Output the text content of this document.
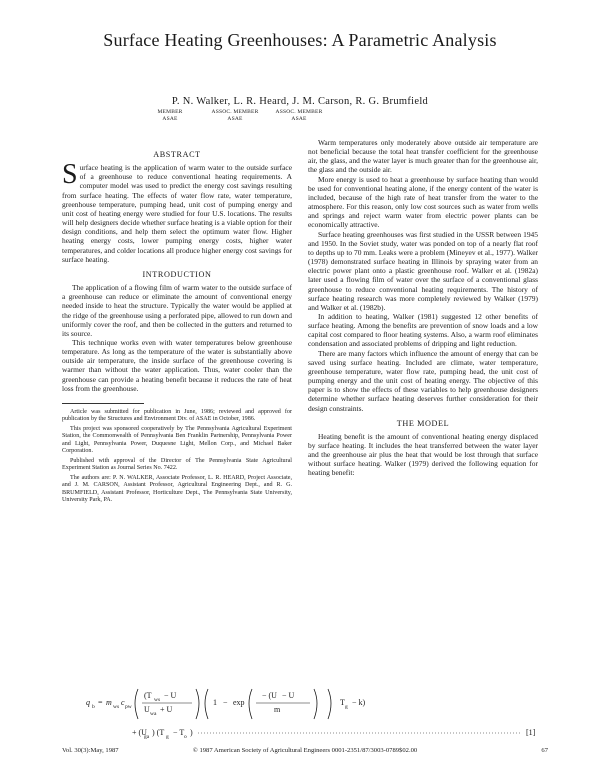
Surface Heating Greenhouses: A Parametric Analysis
P. N. Walker, L. R. Heard, J. M. Carson, R. G. Brumfield
MEMBER
ASAE
ASSOC. MEMBER
ASAE
ASSOC. MEMBER
ASAE
ABSTRACT

Surface heating is the application of warm water to the outside surface of a greenhouse to reduce conventional heating requirements. A computer model was used to predict the energy cost savings resulting from surface heating. The effects of water flow rate, water temperature, greenhouse temperature, pumping head, unit cost of pumping energy and unit cost of heating energy were studied for four U.S. locations. The results will help designers decide whether surface heating is a viable option for their design conditions, and help them select the optimum water flow. Higher heating energy costs, lower pumping energy costs, higher water temperatures, and colder locations all produce higher energy cost savings for surface heating.

INTRODUCTION

The application of a flowing film of warm water to the outside surface of a greenhouse can reduce or eliminate the amount of conventional energy needed inside to heat the structure. Typically the water would be applied at the ridge of the greenhouse using a perforated pipe, allowed to run down and uniformly cover the roof, and then be collected in the gutters and returned to its source.

This technique works even with water temperatures below greenhouse temperature. As long as the temperature of the water is substantially above outside air temperature, the inside surface of the greenhouse covering is warmer than without the water application. Thus, water cooler than the greenhouse can provide a heating benefit because it reduces the rate of heat loss from the greenhouse.

Article was submitted for publication in June, 1986; reviewed and approved for publication by the Structures and Environment Div. of ASAE in October, 1986.

This project was sponsored cooperatively by The Pennsylvania Agricultural Experiment Station, the Commonwealth of Pennsylvania Ben Franklin Partnership, Pennsylvania Power and Light, Pennsylvania Power, Duquesne Light, Mellon Corp., and Michael Baker Corporation.

Published with approval of the Director of The Pennsylvania State Agricultural Experiment Station as Journal Series No. 7422.

The authors are: P. N. WALKER, Associate Professor, L. R. HEARD, Project Associate, and J. M. CARSON, Assistant Professor, Agricultural Engineering Dept., and R. G. BRUMFIELD, Assistant Professor, Horticulture Dept., The Pennsylvania State University, University Park, PA.

Warm temperatures only moderately above outside air temperature are not beneficial because the total heat transfer coefficient for the greenhouse air, the glass, and the water layer is much greater than for the greenhouse air, the glass and the outside air.

More energy is used to heat a greenhouse by surface heating than would be used for conventional heating alone, if the energy content of the water is included, because of the high rate of heat transfer from the water to the atmosphere. For this reason, only low cost sources such as water from wells and springs and reject warm water from electric power plants can be economically attractive.

Surface heating greenhouses was first studied in the USSR between 1945 and 1950. In the Soviet study, water was ponded on top of a nearly flat roof to depths up to 70 mm. Leaks were a problem (Mineyev et al., 1977). Walker (1978) demonstrated surface heating in Illinois by spraying water from an electric power plant onto a plastic greenhouse roof. Walker et al. (1982a) later used a flowing film of water over the surface of a conventional glass greenhouse to reduce conventional heating requirements. The history of surface heating research was more completely reviewed by Walker (1979) and Walker et al. (1982b).

In addition to heating, Walker (1981) suggested 12 other benefits of surface heating. Among the benefits are prevention of snow loads and a low capital cost compared to floor heating systems. Also, a warm roof eliminates condensation and associated problems of dripping and light reduction.

There are many factors which influence the amount of energy that can be saved using surface heating. Included are climate, water temperature, greenhouse temperature, water flow rate, pumping head, the unit cost of pumping energy and the unit cost of heating energy. The objective of this paper is to show the effects of these variables to help greenhouse designers determine whether surface heating deserves further consideration for their design constraints.

THE MODEL

Heating benefit is the amount of conventional heating energy displaced by surface heating. It includes the heat transferred between the water layer and the greenhouse air plus the heat that would be lost through that surface without surface heating. Walker (1979) derived the following equation for heating benefit:

q b = m ws c pw
(T ws − U
U wa + U
1 − exp
− (U − U
m
T g − k)
+ (U
ga ) (T g − T o )	[1]
Vol. 30(3):May, 1987	© 1987 American Society of Agricultural Engineers 0001-2351/87/3003-0789$02.00	67
